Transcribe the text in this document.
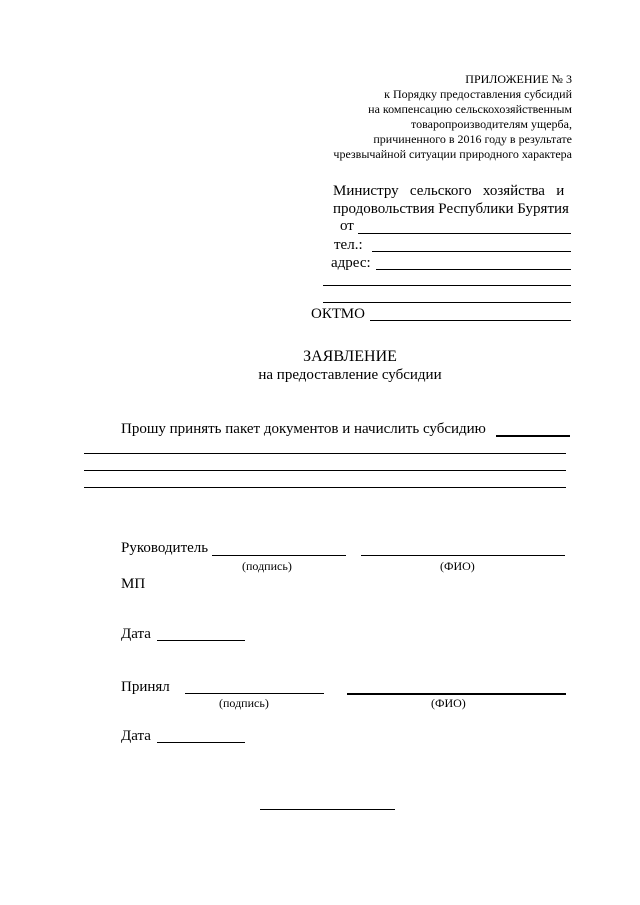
ПРИЛОЖЕНИЕ № 3
к Порядку предоставления субсидий
на компенсацию сельскохозяйственным
товаропроизводителям ущерба,
причиненного в 2016 году в результате
чрезвычайной ситуации природного характера
Министру   сельского   хозяйства   и
продовольствия Республики Бурятия
от
тел.:
адрес:
ОКТМО
ЗАЯВЛЕНИЕ
на предоставление субсидии
Прошу принять пакет документов и начислить субсидию
Руководитель
(подпись)	(ФИО)
МП
Дата
Принял
(подпись)	(ФИО)
Дата
